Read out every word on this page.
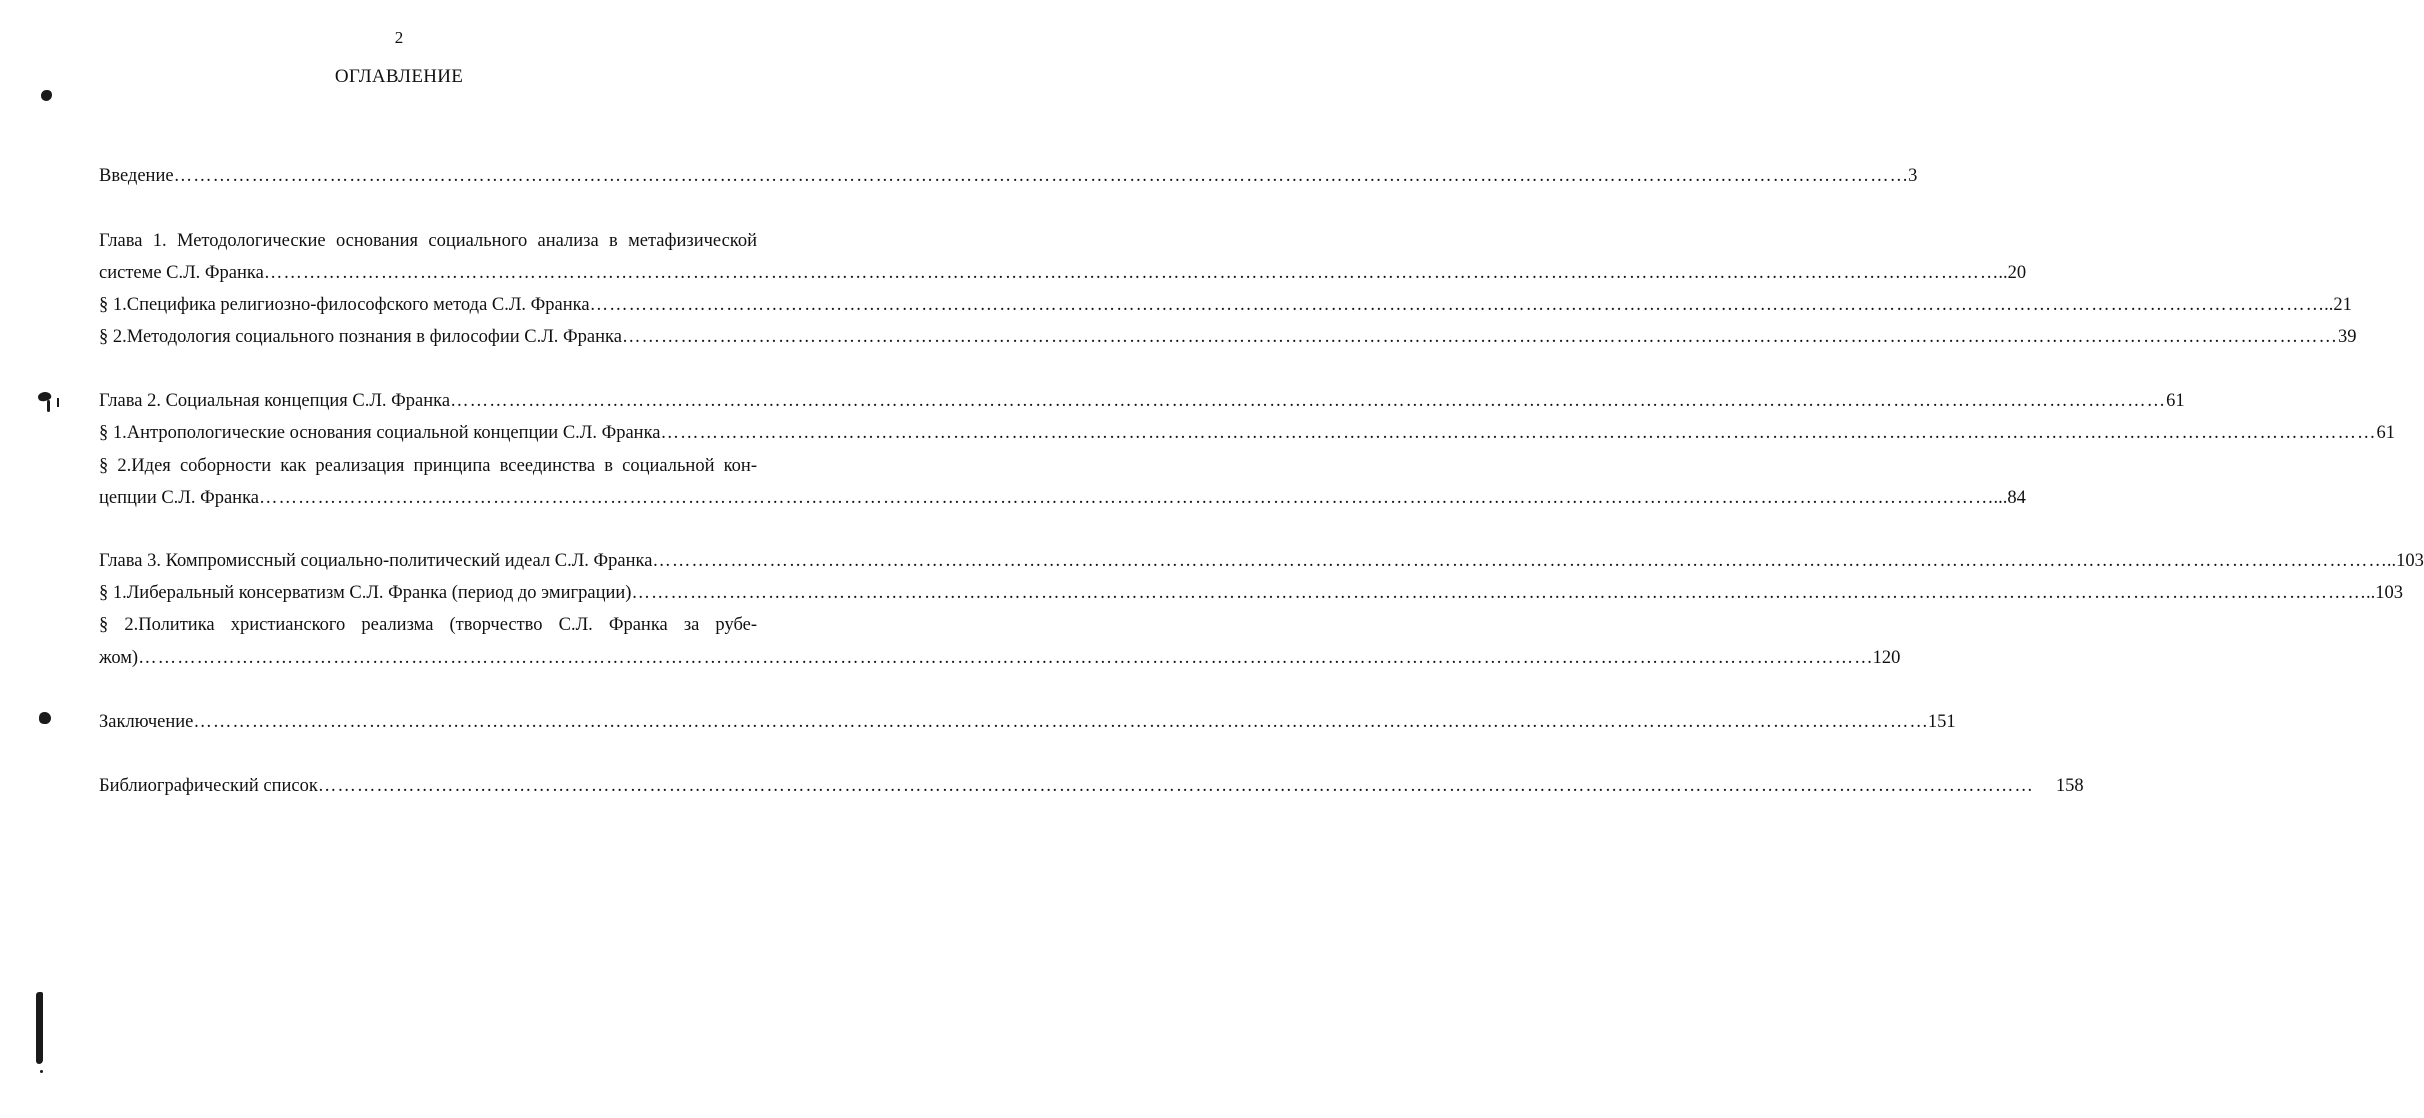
2
ОГЛАВЛЕНИЕ
Введение ………………………………………………………………………………………………………………………………………………………………………………………………………………………………………… …3
Глава 1. Методологические основания социального анализа в метафизической
системе С.Л. Франка ………………………………………………………………………………………………………………………………………………………………………………………………………………………………………… …..20
§ 1.Специфика религиозно-философского метода С.Л. Франка ………………………………………………………………………………………………………………………………………………………………………………………………………………………………………… …..21
§ 2.Методология социального познания в философии С.Л. Франка ………………………………………………………………………………………………………………………………………………………………………………………………………………………………………… 39
Глава 2. Социальная концепция С.Л. Франка ………………………………………………………………………………………………………………………………………………………………………………………………………………………………………… 61
§ 1.Антропологические основания социальной концепции С.Л. Франка ………………………………………………………………………………………………………………………………………………………………………………………………………………………………………… 61
§ 2.Идея соборности как реализация принципа всеединства в социальной кон-
цепции С.Л. Франка ………………………………………………………………………………………………………………………………………………………………………………………………………………………………………… …...84
Глава 3. Компромиссный социально-политический идеал С.Л. Франка ………………………………………………………………………………………………………………………………………………………………………………………………………………………………………… …..103
§ 1.Либеральный консерватизм С.Л. Франка (период до эмиграции) ………………………………………………………………………………………………………………………………………………………………………………………………………………………………………… …..103
§ 2.Политика христианского реализма (творчество С.Л. Франка за рубе-
жом) ………………………………………………………………………………………………………………………………………………………………………………………………………………………………………… …120
Заключение ………………………………………………………………………………………………………………………………………………………………………………………………………………………………………… …151
Библиографический список ………………………………………………………………………………………………………………………………………………………………………………………………………………………………………… 158
